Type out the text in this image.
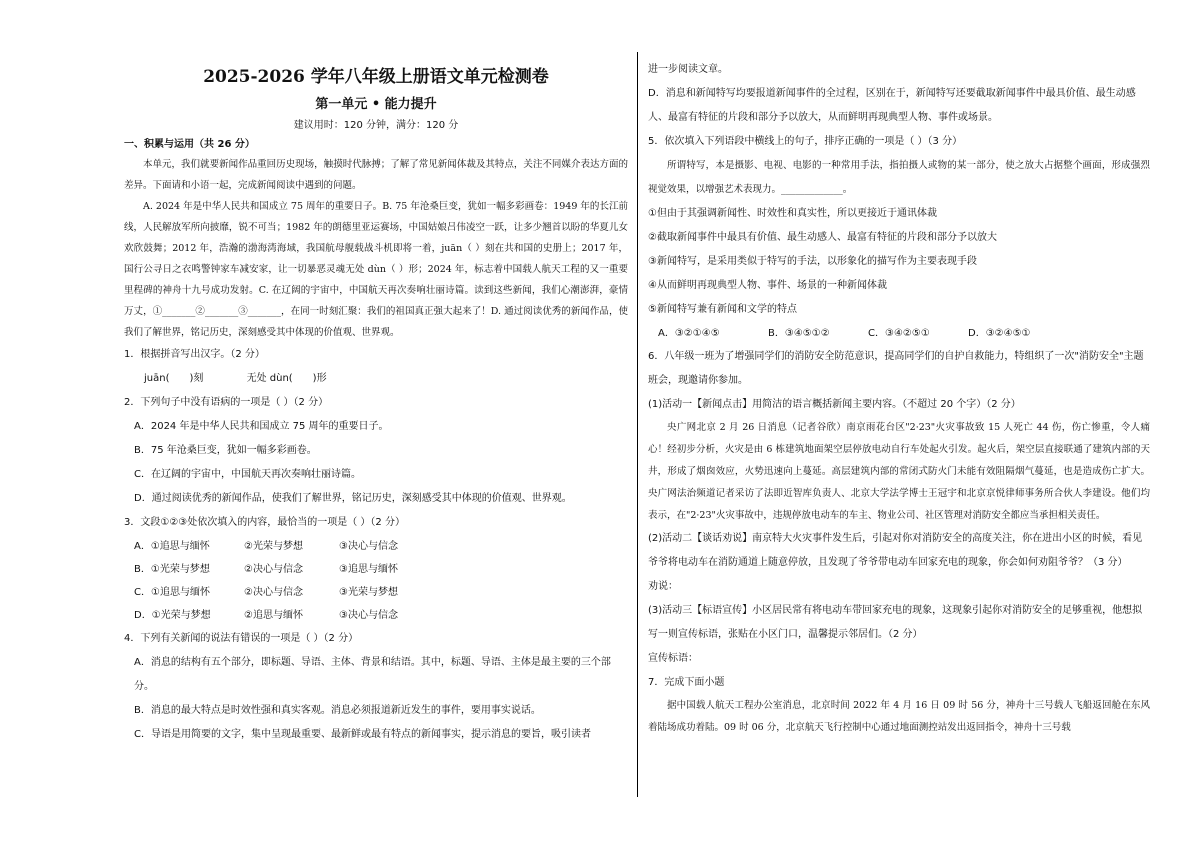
2025-2026 学年八年级上册语文单元检测卷
第一单元 • 能力提升
建议用时：120 分钟，满分：120 分
一、积累与运用（共 26 分）

本单元，我们就要新闻作品重回历史现场，触摸时代脉搏；了解了常见新闻体裁及其特点，关注不同媒介表达方面的差异。下面请和小语一起，完成新闻阅读中遇到的问题。

A. 2024 年是中华人民共和国成立 75 周年的重要日子。B. 75 年沧桑巨变，犹如一幅多彩画卷：1949 年的长江前线，人民解放军所向披靡，锐不可当；1982 年的朗德里亚运赛场，中国姑娘吕伟凌空一跃，让多少翘首以盼的华夏儿女欢欣鼓舞；2012 年，浩瀚的渤海湾海域，我国航母舰载战斗机即将一着，juān（ ）刻在共和国的史册上；2017 年，国行公寻日之衣鸣警钟家车减安家，让一切暴恶灵魂无处 dùn（ ）形；2024 年，标志着中国载人航天工程的又一重要里程碑的神舟十九号成功发射。C. 在辽阔的宇宙中，中国航天再次奏响壮丽诗篇。读到这些新闻，我们心潮澎湃，豪情万丈，①_______②_______③_______，在同一时刻汇聚：我们的祖国真正强大起来了！D. 通过阅读优秀的新闻作品，使我们了解世界，铭记历史，深刻感受其中体现的价值观、世界观。

1．根据拼音写出汉字。（2 分）

juān(　　)刻	无处 dùn(　　)形

2．下列句子中没有语病的一项是（ ）（2 分）

A．2024 年是中华人民共和国成立 75 周年的重要日子。

B．75 年沧桑巨变，犹如一幅多彩画卷。

C．在辽阔的宇宙中，中国航天再次奏响壮丽诗篇。

D．通过阅读优秀的新闻作品，使我们了解世界，铭记历史，深刻感受其中体现的价值观、世界观。

3．文段①②③处依次填入的内容，最恰当的一项是（ ）（2 分）

A．①追思与缅怀	②光荣与梦想	③决心与信念
B．①光荣与梦想	②决心与信念	③追思与缅怀
C．①追思与缅怀	②决心与信念	③光荣与梦想
D．①光荣与梦想	②追思与缅怀	③决心与信念

4．下列有关新闻的说法有错误的一项是（ ）（2 分）

A．消息的结构有五个部分，即标题、导语、主体、背景和结语。其中，标题、导语、主体是最主要的三个部分。

B．消息的最大特点是时效性强和真实客观。消息必须报道新近发生的事件，要用事实说话。

C．导语是用简要的文字，集中呈现最重要、最新鲜或最有特点的新闻事实，提示消息的要旨，吸引读者

进一步阅读文章。

D．消息和新闻特写均要报道新闻事件的全过程，区别在于，新闻特写还要截取新闻事件中最具价值、最生动感人、最富有特征的片段和部分予以放大，从而鲜明再现典型人物、事件或场景。

5．依次填入下列语段中横线上的句子，排序正确的一项是（ ）（3 分）

所谓特写，本是摄影、电视、电影的一种常用手法，指拍摄人或物的某一部分，使之放大占据整个画面，形成强烈视觉效果，以增强艺术表现力。_____________。

①但由于其强调新闻性、时效性和真实性，所以更接近于通讯体裁

②截取新闻事件中最具有价值、最生动感人、最富有特征的片段和部分予以放大

③新闻特写，是采用类似于特写的手法，以形象化的描写作为主要表现手段

④从而鲜明再现典型人物、事件、场景的一种新闻体裁

⑤新闻特写兼有新闻和文学的特点

A．③②①④⑤	B．③④⑤①②	C．③④②⑤①	D．③②④⑤①

6．八年级一班为了增强同学们的消防安全防范意识，提高同学们的自护自救能力，特组织了一次"消防安全"主题班会，现邀请你参加。

(1)活动一【新闻点击】用简洁的语言概括新闻主要内容。（不超过 20 个字）（2 分）

央广网北京 2 月 26 日消息（记者谷欣）南京雨花台区"2·23"火灾事故致 15 人死亡 44 伤，伤亡惨重，令人痛心！经初步分析，火灾是由 6 栋建筑地面架空层停放电动自行车处起火引发。起火后，架空层直接联通了建筑内部的天井，形成了烟囱效应，火势迅速向上蔓延。高层建筑内部的常闭式防火门未能有效阻隔烟气蔓延，也是造成伤亡扩大。央广网法治频道记者采访了法即近智库负责人、北京大学法学博士王冠宇和北京京悦律师事务所合伙人李建设。他们均表示，在"2·23"火灾事故中，违规停放电动车的车主、物业公司、社区管理对消防安全都应当承担相关责任。

(2)活动二【谈话劝说】南京特大火灾事件发生后，引起对你对消防安全的高度关注，你在进出小区的时候，看见爷爷将电动车在消防通道上随意停放，且发现了爷爷带电动车回家充电的现象，你会如何劝阻爷爷？（3 分）

劝说：

(3)活动三【标语宣传】小区居民常有将电动车带回家充电的现象，这现象引起你对消防安全的足够重视，他想拟写一则宣传标语，张贴在小区门口，温馨提示邻居们。（2 分）

宣传标语：

7．完成下面小题

据中国载人航天工程办公室消息，北京时间 2022 年 4 月 16 日 09 时 56 分，神舟十三号载人飞船返回舱在东风着陆场成功着陆。09 时 06 分，北京航天飞行控制中心通过地面测控站发出返回指令，神舟十三号载
